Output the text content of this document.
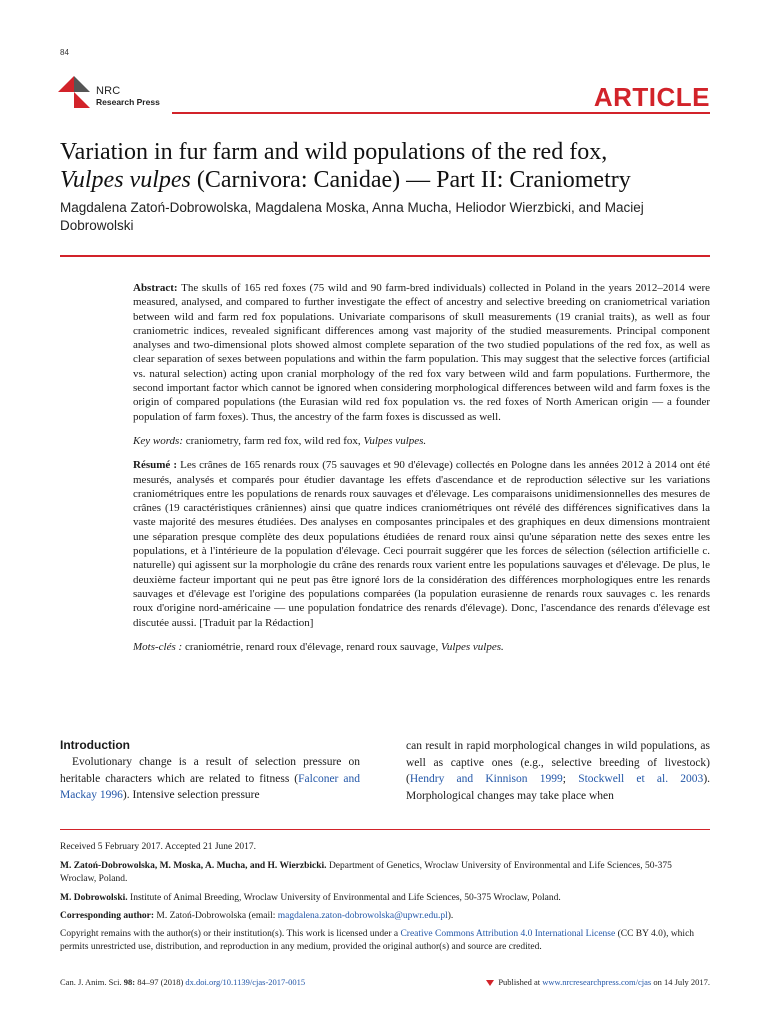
84
NRC
Research Press	ARTICLE
Variation in fur farm and wild populations of the red fox,
Vulpes vulpes (Carnivora: Canidae) — Part II: Craniometry
Magdalena Zatoń-Dobrowolska, Magdalena Moska, Anna Mucha, Heliodor Wierzbicki, and Maciej Dobrowolski

Abstract: The skulls of 165 red foxes (75 wild and 90 farm-bred individuals) collected in Poland in the years 2012–2014 were measured, analysed, and compared to further investigate the effect of ancestry and selective breeding on craniometrical variation between wild and farm red fox populations. Univariate comparisons of skull measurements (19 cranial traits), as well as four craniometric indices, revealed significant differences among vast majority of the studied measurements. Principal component analyses and two-dimensional plots showed almost complete separation of the two studied populations of the red fox, as well as clear separation of sexes between populations and within the farm population. This may suggest that the selective forces (artificial vs. natural selection) acting upon cranial morphology of the red fox vary between wild and farm populations. Furthermore, the second important factor which cannot be ignored when considering morphological differences between wild and farm foxes is the origin of compared populations (the Eurasian wild red fox population vs. the red foxes of North American origin — a founder population of farm foxes). Thus, the ancestry of the farm foxes is discussed as well.

Key words: craniometry, farm red fox, wild red fox, Vulpes vulpes.

Résumé : Les crânes de 165 renards roux (75 sauvages et 90 d'élevage) collectés en Pologne dans les années 2012 à 2014 ont été mesurés, analysés et comparés pour étudier davantage les effets d'ascendance et de reproduction sélective sur les variations craniométriques entre les populations de renards roux sauvages et d'élevage. Les comparaisons unidimensionnelles des mesures de crânes (19 caractéristiques crâniennes) ainsi que quatre indices craniométriques ont révélé des différences significatives dans la vaste majorité des mesures étudiées. Des analyses en composantes principales et des graphiques en deux dimensions montraient une séparation presque complète des deux populations étudiées de renard roux ainsi qu'une séparation nette des sexes entre les populations, et à l'intérieure de la population d'élevage. Ceci pourrait suggérer que les forces de sélection (sélection artificielle c. naturelle) qui agissent sur la morphologie du crâne des renards roux varient entre les populations sauvages et d'élevage. De plus, le deuxième facteur important qui ne peut pas être ignoré lors de la considération des différences morphologiques entre les renards sauvages et d'élevage est l'origine des populations comparées (la population eurasienne de renards roux sauvages c. les renards roux d'origine nord-américaine — une population fondatrice des renards d'élevage). Donc, l'ascendance des renards d'élevage est discutée aussi. [Traduit par la Rédaction]

Mots-clés : craniométrie, renard roux d'élevage, renard roux sauvage, Vulpes vulpes.

Introduction
Evolutionary change is a result of selection pressure on heritable characters which are related to fitness (Falconer and Mackay 1996). Intensive selection pressure
can result in rapid morphological changes in wild populations, as well as captive ones (e.g., selective breeding of livestock) (Hendry and Kinnison 1999; Stockwell et al. 2003). Morphological changes may take place when
Received 5 February 2017. Accepted 21 June 2017.
M. Zatoń-Dobrowolska, M. Moska, A. Mucha, and H. Wierzbicki. Department of Genetics, Wroclaw University of Environmental and Life Sciences, 50-375 Wroclaw, Poland.
M. Dobrowolski. Institute of Animal Breeding, Wroclaw University of Environmental and Life Sciences, 50-375 Wroclaw, Poland.
Corresponding author: M. Zatoń-Dobrowolska (email: magdalena.zaton-dobrowolska@upwr.edu.pl).
Copyright remains with the author(s) or their institution(s). This work is licensed under a Creative Commons Attribution 4.0 International License (CC BY 4.0), which permits unrestricted use, distribution, and reproduction in any medium, provided the original author(s) and source are credited.
Can. J. Anim. Sci. 98: 84–97 (2018) dx.doi.org/10.1139/cjas-2017-0015	Published at www.nrcresearchpress.com/cjas on 14 July 2017.
